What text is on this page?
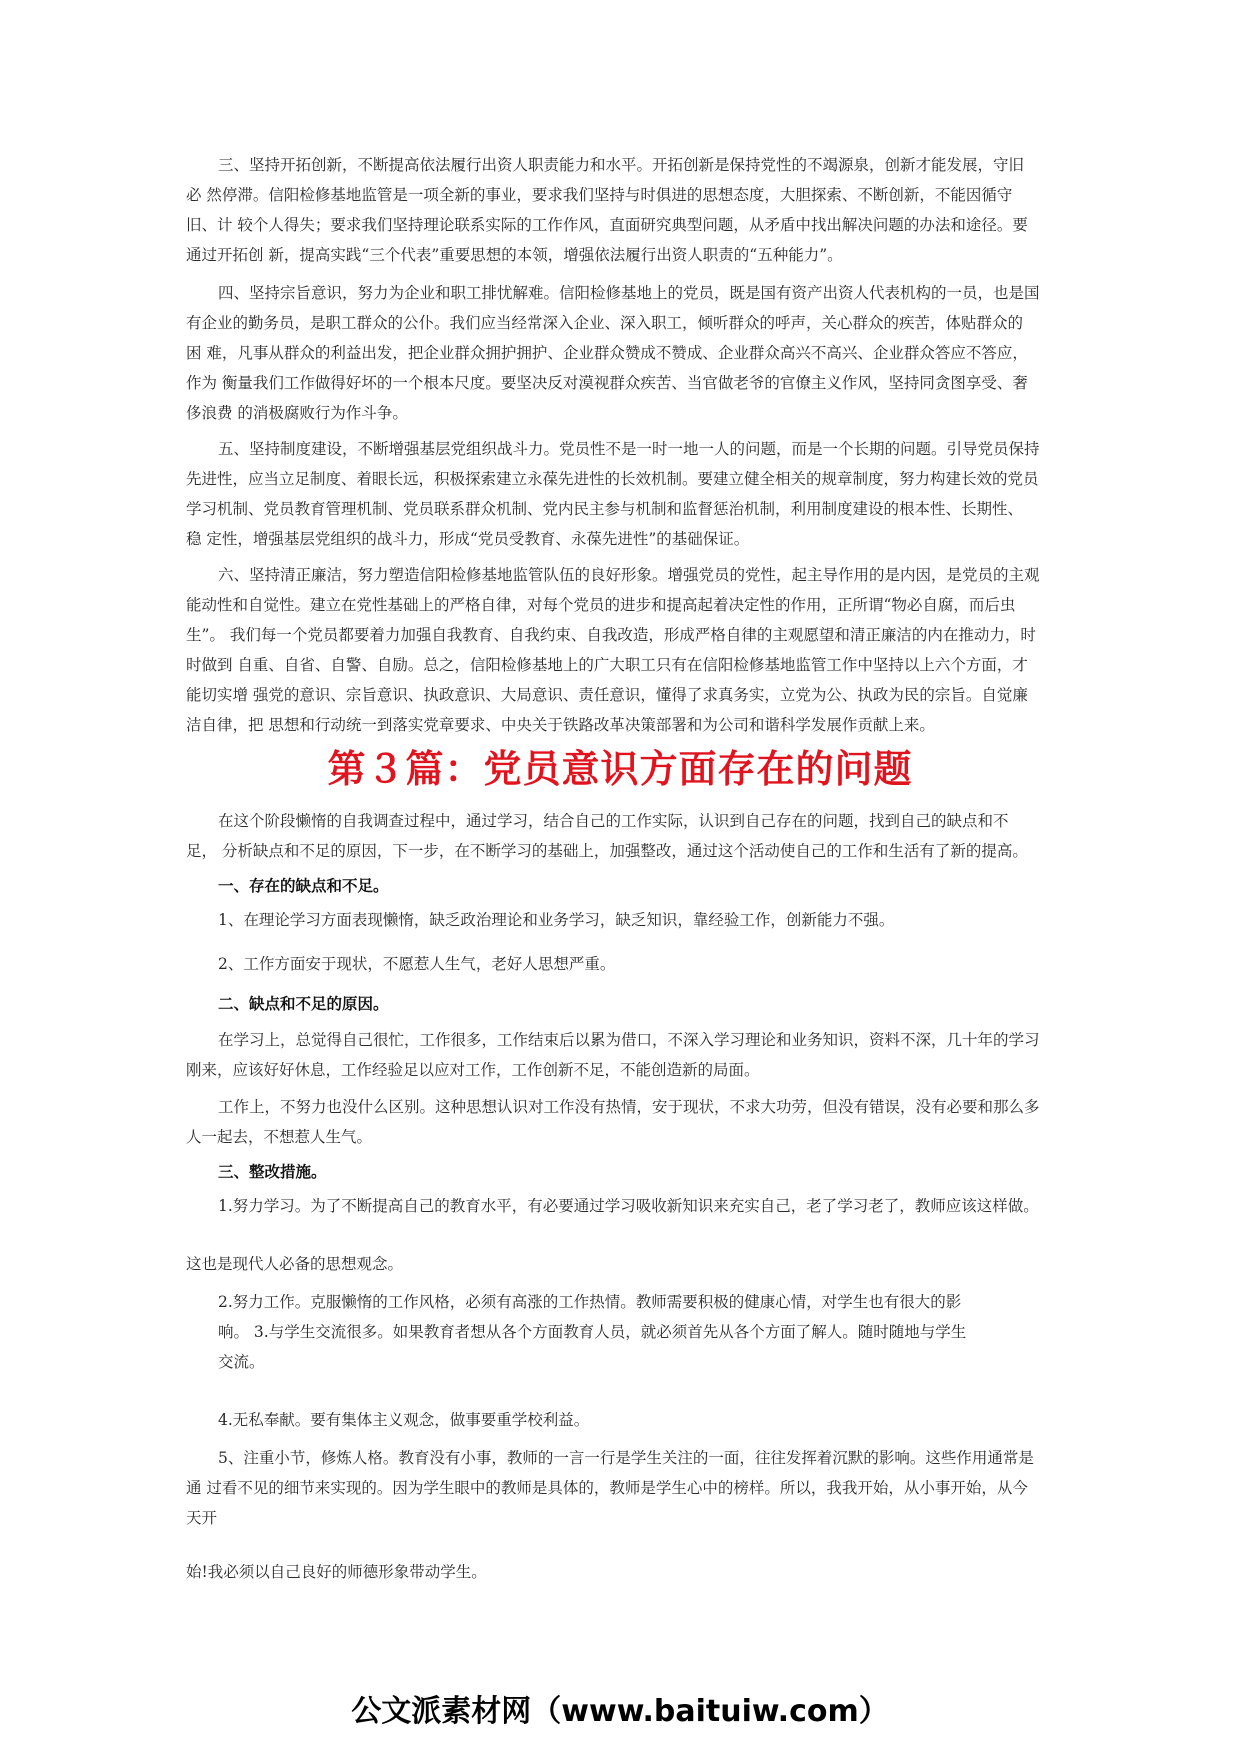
三、坚持开拓创新，不断提高依法履行出资人职责能力和水平。开拓创新是保持党性的不竭源泉，创新才能发展，守旧
必 然停滞。信阳检修基地监管是一项全新的事业，要求我们坚持与时俱进的思想态度，大胆探索、不断创新，不能因循守
旧、计 较个人得失；要求我们坚持理论联系实际的工作作风，直面研究典型问题，从矛盾中找出解决问题的办法和途径。要
通过开拓创 新，提高实践“三个代表”重要思想的本领，增强依法履行出资人职责的“五种能力”。
四、坚持宗旨意识，努力为企业和职工排忧解难。信阳检修基地上的党员，既是国有资产出资人代表机构的一员，也是国
有企业的勤务员，是职工群众的公仆。我们应当经常深入企业、深入职工，倾听群众的呼声，关心群众的疾苦，体贴群众的
困 难，凡事从群众的利益出发，把企业群众拥护拥护、企业群众赞成不赞成、企业群众高兴不高兴、企业群众答应不答应，
作为 衡量我们工作做得好坏的一个根本尺度。要坚决反对漠视群众疾苦、当官做老爷的官僚主义作风，坚持同贪图享受、奢
侈浪费 的消极腐败行为作斗争。
五、坚持制度建设，不断增强基层党组织战斗力。党员性不是一时一地一人的问题，而是一个长期的问题。引导党员保持
先进性，应当立足制度、着眼长远，积极探索建立永葆先进性的长效机制。要建立健全相关的规章制度，努力构建长效的党员
学习机制、党员教育管理机制、党员联系群众机制、党内民主参与机制和监督惩治机制，利用制度建设的根本性、长期性、
稳 定性，增强基层党组织的战斗力，形成“党员受教育、永葆先进性”的基础保证。
六、坚持清正廉洁，努力塑造信阳检修基地监管队伍的良好形象。增强党员的党性，起主导作用的是内因，是党员的主观
能动性和自觉性。建立在党性基础上的严格自律，对每个党员的进步和提高起着决定性的作用，正所谓“物必自腐，而后虫
生”。 我们每一个党员都要着力加强自我教育、自我约束、自我改造，形成严格自律的主观愿望和清正廉洁的内在推动力，时
时做到 自重、自省、自警、自励。总之，信阳检修基地上的广大职工只有在信阳检修基地监管工作中坚持以上六个方面，才
能切实增 强党的意识、宗旨意识、执政意识、大局意识、责任意识，懂得了求真务实，立党为公、执政为民的宗旨。自觉廉
洁自律，把 思想和行动统一到落实党章要求、中央关于铁路改革决策部署和为公司和谐科学发展作贡献上来。
第３篇：党员意识方面存在的问题
在这个阶段懒惰的自我调查过程中，通过学习，结合自己的工作实际，认识到自己存在的问题，找到自己的缺点和不
足， 分析缺点和不足的原因，下一步，在不断学习的基础上，加强整改，通过这个活动使自己的工作和生活有了新的提高。
一、存在的缺点和不足。
1、在理论学习方面表现懒惰，缺乏政治理论和业务学习，缺乏知识，靠经验工作，创新能力不强。
2、工作方面安于现状，不愿惹人生气，老好人思想严重。
二、缺点和不足的原因。
在学习上，总觉得自己很忙，工作很多，工作结束后以累为借口，不深入学习理论和业务知识，资料不深，几十年的学习
刚来，应该好好休息，工作经验足以应对工作，工作创新不足，不能创造新的局面。
工作上，不努力也没什么区别。这种思想认识对工作没有热情，安于现状，不求大功劳，但没有错误，没有必要和那么多
人一起去，不想惹人生气。
三、整改措施。
1.努力学习。为了不断提高自己的教育水平，有必要通过学习吸收新知识来充实自己，老了学习老了，教师应该这样做。
这也是现代人必备的思想观念。
2.努力工作。克服懒惰的工作风格，必须有高涨的工作热情。教师需要积极的健康心情，对学生也有很大的影
响。 3.与学生交流很多。如果教育者想从各个方面教育人员，就必须首先从各个方面了解人。随时随地与学生
交流。
4.无私奉献。要有集体主义观念，做事要重学校利益。
5、注重小节，修炼人格。教育没有小事，教师的一言一行是学生关注的一面，往往发挥着沉默的影响。这些作用通常是
通 过看不见的细节来实现的。因为学生眼中的教师是具体的，教师是学生心中的榜样。所以，我我开始，从小事开始，从今
天开
始!我必须以自己良好的师德形象带动学生。
公文派素材网（www.baituiw.com）
